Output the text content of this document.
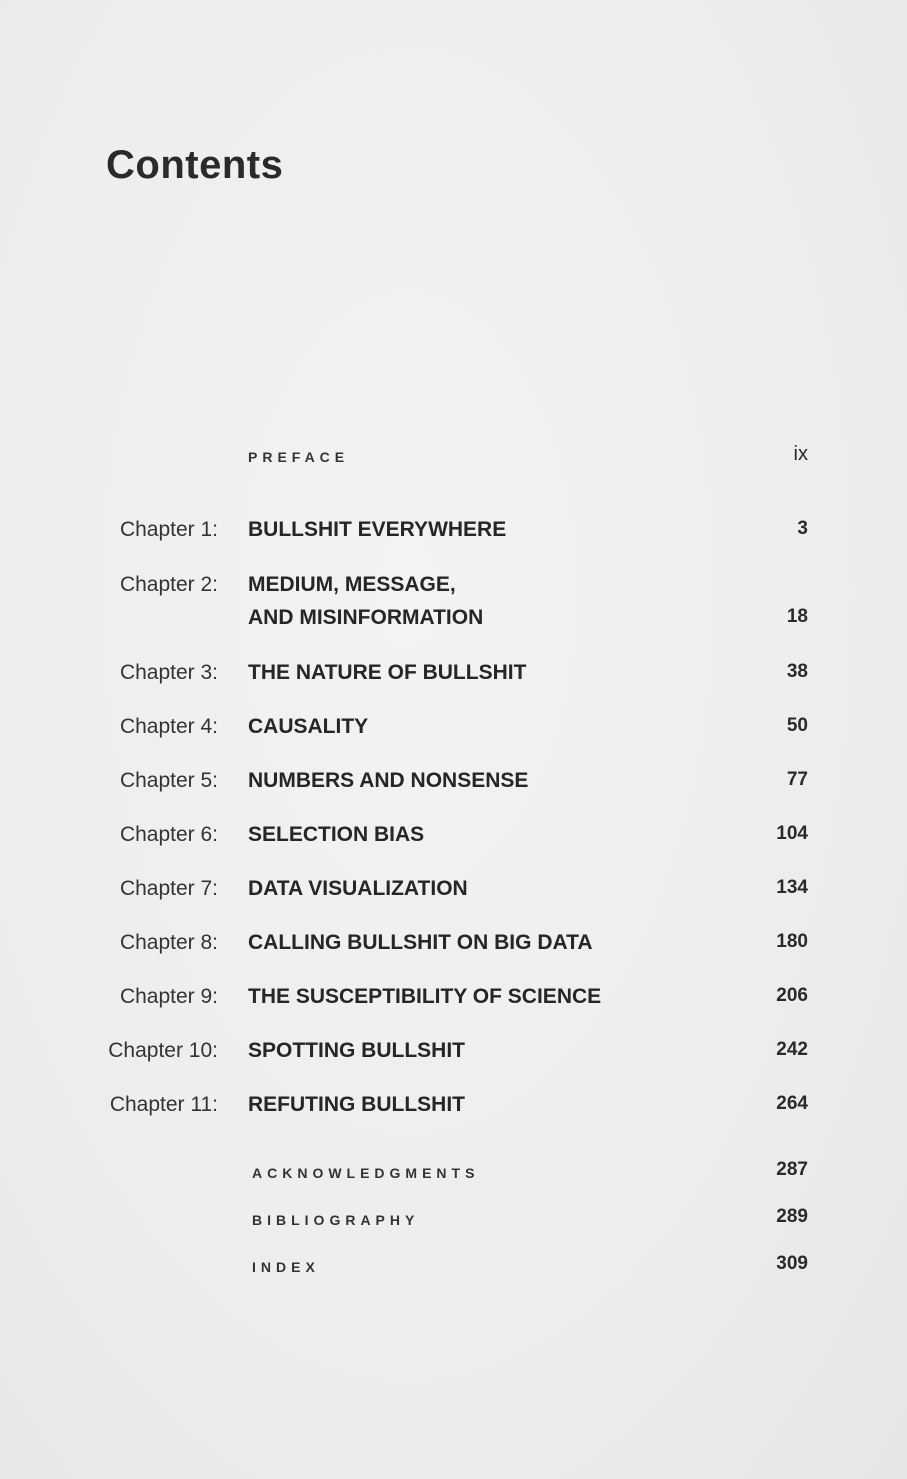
Contents
PREFACE	ix
Chapter 1: BULLSHIT EVERYWHERE	3
Chapter 2: MEDIUM, MESSAGE,
AND MISINFORMATION	18
Chapter 3: THE NATURE OF BULLSHIT	38
Chapter 4: CAUSALITY	50
Chapter 5: NUMBERS AND NONSENSE	77
Chapter 6: SELECTION BIAS	104
Chapter 7: DATA VISUALIZATION	134
Chapter 8: CALLING BULLSHIT ON BIG DATA	180
Chapter 9: THE SUSCEPTIBILITY OF SCIENCE	206
Chapter 10: SPOTTING BULLSHIT	242
Chapter 11: REFUTING BULLSHIT	264
ACKNOWLEDGMENTS	287
BIBLIOGRAPHY	289
INDEX	309
